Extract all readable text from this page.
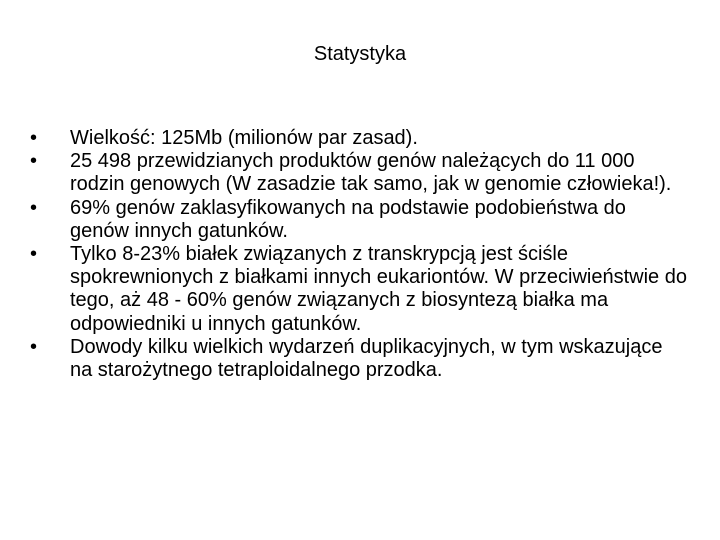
Statystyka
•	Wielkość: 125Mb (milionów par zasad).
•	25 498 przewidzianych produktów genów należących do 11 000 rodzin genowych (W zasadzie tak samo, jak w genomie człowieka!).
•	69% genów zaklasyfikowanych na podstawie podobieństwa do genów innych gatunków.
•	Tylko 8-23% białek związanych z transkrypcją jest ściśle spokrewnionych z białkami innych eukariontów. W przeciwieństwie do tego, aż 48 - 60% genów związanych z biosyntezą białka ma odpowiedniki u innych gatunków.
•	Dowody kilku wielkich wydarzeń duplikacyjnych, w tym wskazujące na starożytnego tetraploidalnego przodka.
